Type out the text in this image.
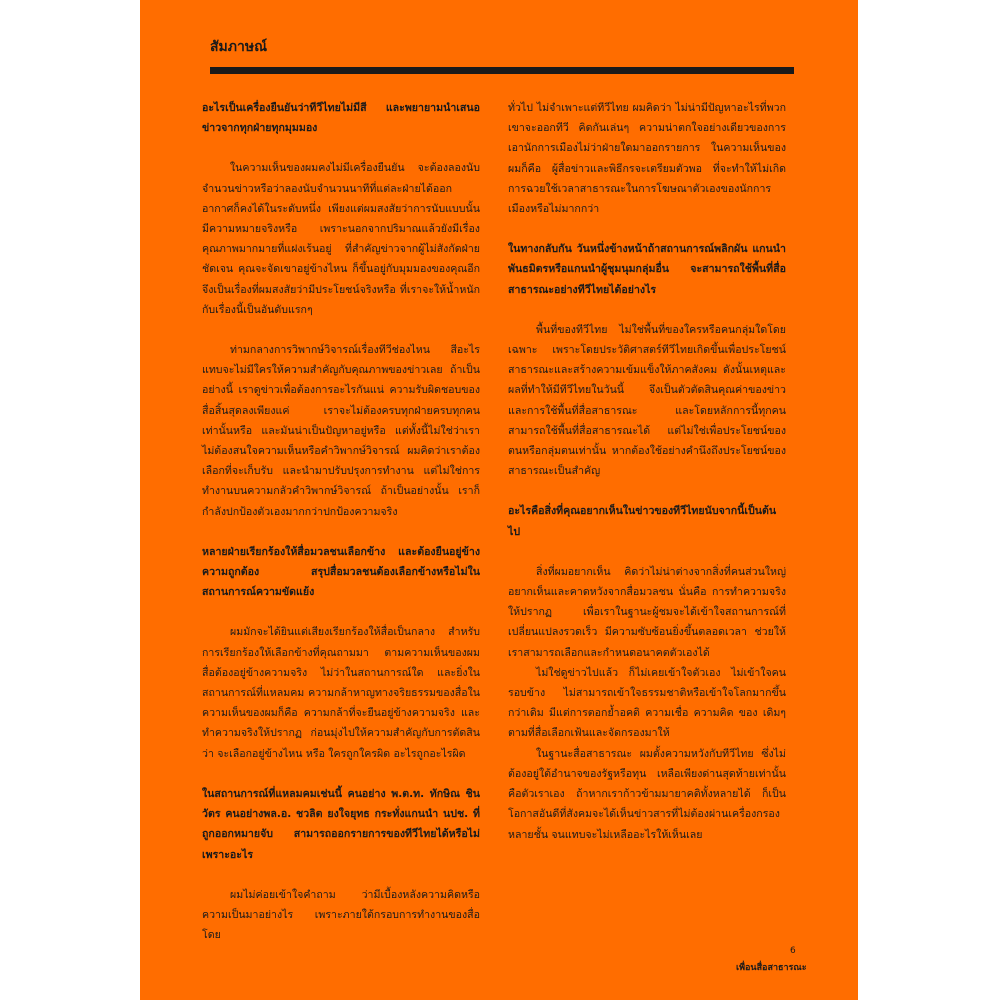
สัมภาษณ์

อะไรเป็นเครื่องยืนยันว่าทีวีไทยไม่มีสี และพยายามนำเสนอข่าวจากทุกฝ่ายทุกมุมมอง

ในความเห็นของผมคงไม่มีเครื่องยืนยัน จะต้องลองนับจำนวนข่าวหรือว่าลองนับจำนวนนาทีที่แต่ละฝ่ายได้ออกอากาศก็คงได้ในระดับหนึ่ง เพียงแต่ผมสงสัยว่าการนับแบบนั้นมีความหมายจริงหรือ เพราะนอกจากปริมาณแล้วยังมีเรื่องคุณภาพมากมายที่แฝงเร้นอยู่ ที่สำคัญข่าวจากผู้ไม่สังกัดฝ่ายชัดเจน คุณจะจัดเขาอยู่ข้างไหน ก็ขึ้นอยู่กับมุมมองของคุณอีก จึงเป็นเรื่องที่ผมสงสัยว่ามีประโยชน์จริงหรือ ที่เราจะให้น้ำหนักกับเรื่องนี้เป็นอันดับแรกๆ

ท่ามกลางการวิพากษ์วิจารณ์เรื่องทีวีช่องไหน สีอะไร แทบจะไม่มีใครให้ความสำคัญกับคุณภาพของข่าวเลย ถ้าเป็นอย่างนี้ เราดูข่าวเพื่อต้องการอะไรกันแน่ ความรับผิดชอบของสื่อสิ้นสุดลงเพียงแค่ เราจะไม่ต้องครบทุกฝ่ายครบทุกคน เท่านั้นหรือ และมันน่าเป็นปัญหาอยู่หรือ แต่ทั้งนี้ไม่ใช่ว่าเราไม่ต้องสนใจความเห็นหรือคำวิพากษ์วิจารณ์ ผมคิดว่าเราต้องเลือกที่จะเก็บรับ และนำมาปรับปรุงการทำงาน แต่ไม่ใช่การทำงานบนความกลัวคำวิพากษ์วิจารณ์ ถ้าเป็นอย่างนั้น เราก็กำลังปกป้องตัวเองมากกว่าปกป้องความจริง

หลายฝ่ายเรียกร้องให้สื่อมวลชนเลือกข้าง และต้องยืนอยู่ข้างความถูกต้อง สรุปสื่อมวลชนต้องเลือกข้างหรือไม่ในสถานการณ์ความขัดแย้ง

ผมมักจะได้ยินแต่เสียงเรียกร้องให้สื่อเป็นกลาง สำหรับการเรียกร้องให้เลือกข้างที่คุณถามมา ตามความเห็นของผมสื่อต้องอยู่ข้างความจริง ไม่ว่าในสถานการณ์ใด และยิ่งในสถานการณ์ที่แหลมคม ความกล้าหาญทางจริยธรรมของสื่อในความเห็นของผมก็คือ ความกล้าที่จะยืนอยู่ข้างความจริง และทำความจริงให้ปรากฏ ก่อนมุ่งไปให้ความสำคัญกับการตัดสินว่า จะเลือกอยู่ข้างไหน หรือ ใครถูกใครผิด อะไรถูกอะไรผิด

ในสถานการณ์ที่แหลมคมเช่นนี้ คนอย่าง พ.ต.ท. ทักษิณ ชินวัตร คนอย่างพล.อ. ชวลิต ยงใจยุทธ กระทั่งแกนนำ นปช. ที่ถูกออกหมายจับ สามารถออกรายการของทีวีไทยได้หรือไม่ เพราะอะไร

ผมไม่ค่อยเข้าใจคำถาม ว่ามีเบื้องหลังความคิดหรือความเป็นมาอย่างไร เพราะภายใต้กรอบการทำงานของสื่อ โดย

ทั่วไป ไม่จำเพาะแต่ทีวีไทย ผมคิดว่า ไม่น่ามีปัญหาอะไรที่พวกเขาจะออกทีวี คิดกันเล่นๆ ความน่าตกใจอย่างเดียวของการเอานักการเมืองไม่ว่าฝ่ายใดมาออกรายการ ในความเห็นของผมก็คือ ผู้สื่อข่าวและพิธีกรจะเตรียมตัวพอ ที่จะทำให้ไม่เกิดการฉวยใช้เวลาสาธารณะในการโฆษณาตัวเองของนักการเมืองหรือไม่มากกว่า

ในทางกลับกัน วันหนึ่งข้างหน้าถ้าสถานการณ์พลิกผัน แกนนำพันธมิตรหรือแกนนำผู้ชุมนุมกลุ่มอื่น จะสามารถใช้พื้นที่สื่อสาธารณะอย่างทีวีไทยได้อย่างไร

พื้นที่ของทีวีไทย ไม่ใช่พื้นที่ของใครหรือคนกลุ่มใดโดยเฉพาะ เพราะโดยประวัติศาสตร์ทีวีไทยเกิดขึ้นเพื่อประโยชน์สาธารณะและสร้างความเข้มแข็งให้ภาคสังคม ดังนั้นเหตุและผลที่ทำให้มีทีวีไทยในวันนี้ จึงเป็นตัวตัดสินคุณค่าของข่าว และการใช้พื้นที่สื่อสาธารณะ และโดยหลักการนี้ทุกคนสามารถใช้พื้นที่สื่อสาธารณะได้ แต่ไม่ใช่เพื่อประโยชน์ของตนหรือกลุ่มตนเท่านั้น หากต้องใช้อย่างคำนึงถึงประโยชน์ของสาธารณะเป็นสำคัญ

อะไรคือสิ่งที่คุณอยากเห็นในข่าวของทีวีไทยนับจากนี้เป็นต้นไป

สิ่งที่ผมอยากเห็น คิดว่าไม่น่าต่างจากสิ่งที่คนส่วนใหญ่อยากเห็นและคาดหวังจากสื่อมวลชน นั่นคือ การทำความจริงให้ปรากฏ เพื่อเราในฐานะผู้ชมจะได้เข้าใจสถานการณ์ที่เปลี่ยนแปลงรวดเร็ว มีความซับซ้อนยิ่งขึ้นตลอดเวลา ช่วยให้เราสามารถเลือกและกำหนดอนาคตตัวเองได้

ไม่ใช่ดูข่าวไปแล้ว ก็ไม่เคยเข้าใจตัวเอง ไม่เข้าใจคนรอบข้าง ไม่สามารถเข้าใจธรรมชาติหรือเข้าใจโลกมากขึ้นกว่าเดิม มีแต่การตอกย้ำอคติ ความเชื่อ ความคิด ของ เดิมๆ ตามที่สื่อเลือกเฟ้นและจัดกรองมาให้

ในฐานะสื่อสาธารณะ ผมตั้งความหวังกับทีวีไทย ซึ่งไม่ต้องอยู่ใต้อำนาจของรัฐหรือทุน เหลือเพียงด่านสุดท้ายเท่านั้นคือตัวเราเอง ถ้าหากเราก้าวข้ามมายาคติทั้งหลายได้ ก็เป็นโอกาสอันดีที่สังคมจะได้เห็นข่าวสารที่ไม่ต้องผ่านเครื่องกรองหลายชั้น จนแทบจะไม่เหลืออะไรให้เห็นเลย

6
เพื่อนสื่อสาธารณะ
